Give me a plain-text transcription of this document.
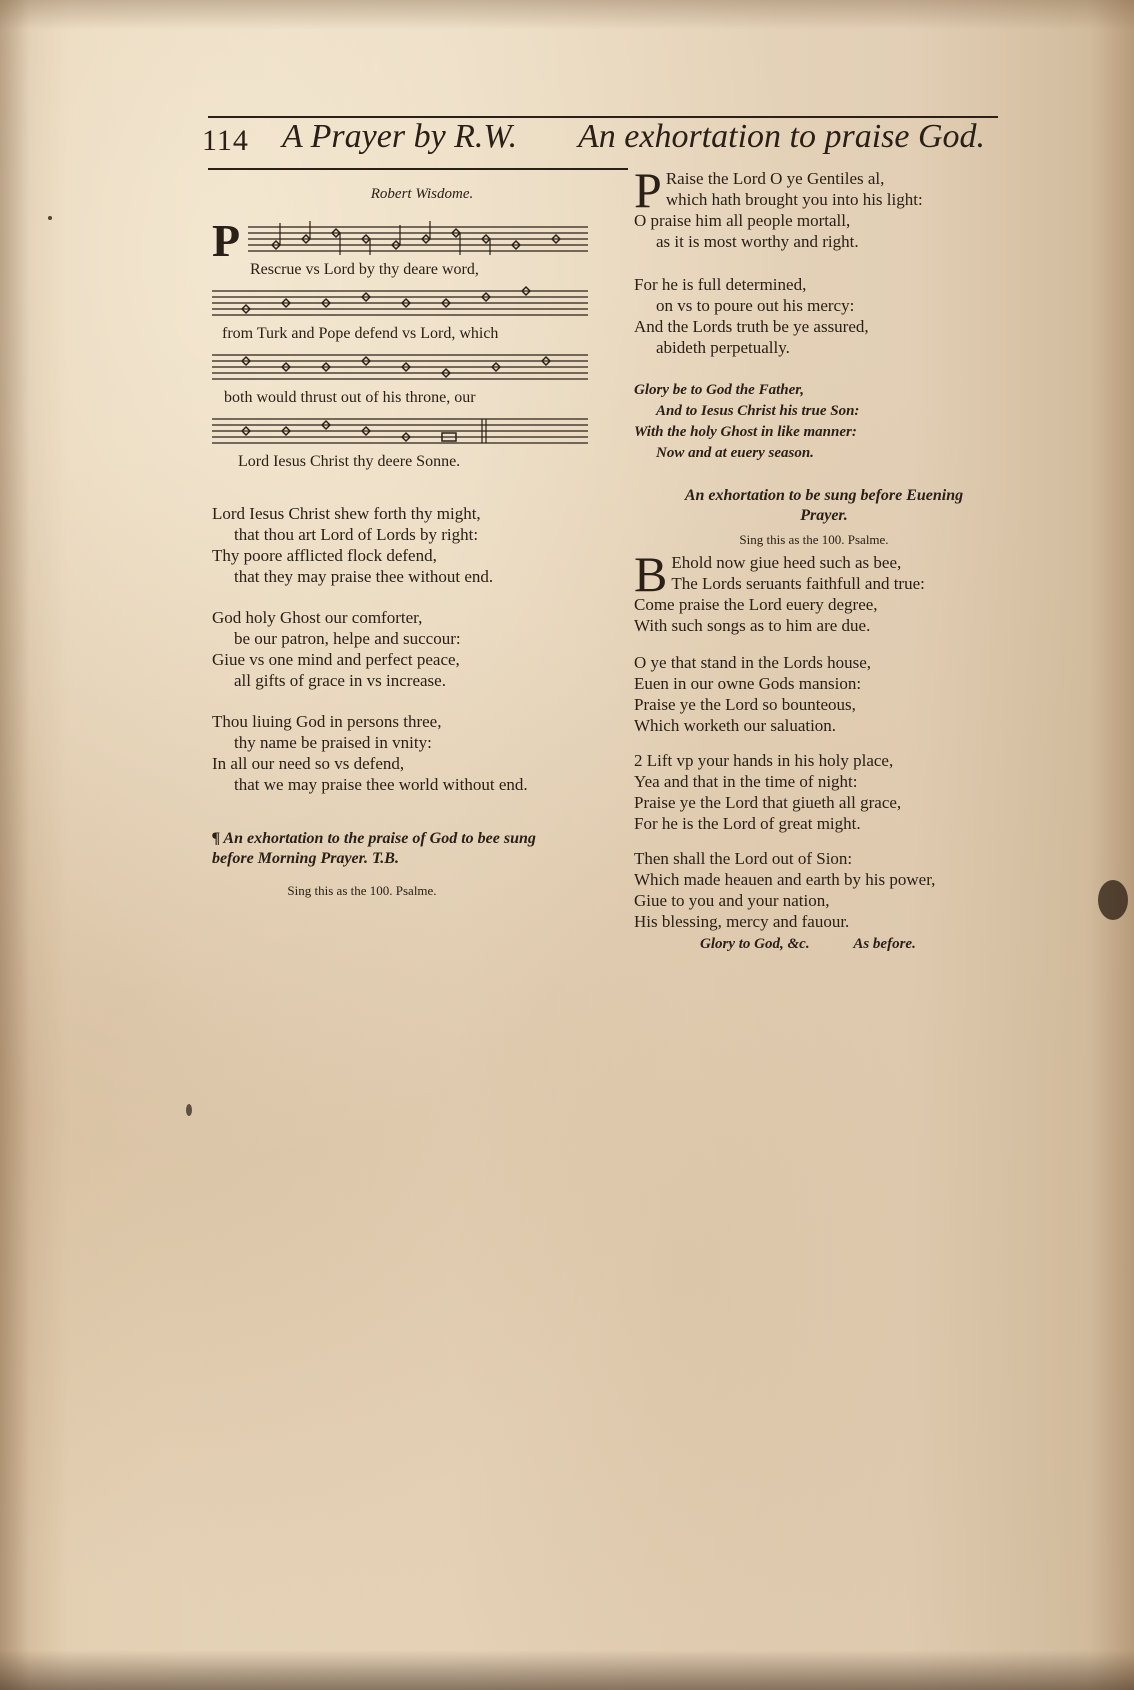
114 A Prayer by R.W. An exhortation to praise God.
Robert Wisdome.
P
Rescrue vs Lord by thy deare word,
from Turk and Pope defend vs Lord, which
both would thrust out of his throne, our
Lord Iesus Christ thy deere Sonne.
Lord Iesus Christ shew forth thy might,
that thou art Lord of Lords by right:
Thy poore afflicted flock defend,
that they may praise thee without end.
God holy Ghost our comforter,
be our patron, helpe and succour:
Giue vs one mind and perfect peace,
all gifts of grace in vs increase.
Thou liuing God in persons three,
thy name be praised in vnity:
In all our need so vs defend,
that we may praise thee world without end.
¶ An exhortation to the praise of God to bee sung before Morning Prayer. T.B.
Sing this as the 100. Psalme.
P Raise the Lord O ye Gentiles al,
which hath brought you into his light:
O praise him all people mortall,
as it is most worthy and right.
For he is full determined,
on vs to poure out his mercy:
And the Lords truth be ye assured,
abideth perpetually.
Glory be to God the Father,
And to Iesus Christ his true Son:
With the holy Ghost in like manner:
Now and at euery season.
An exhortation to be sung before Euening Prayer.
Sing this as the 100. Psalme.
B Ehold now giue heed such as bee,
The Lords seruants faithfull and true:
Come praise the Lord euery degree,
With such songs as to him are due.
O ye that stand in the Lords house,
Euen in our owne Gods mansion:
Praise ye the Lord so bounteous,
Which worketh our saluation.
2 Lift vp your hands in his holy place,
Yea and that in the time of night:
Praise ye the Lord that giueth all grace,
For he is the Lord of great might.
Then shall the Lord out of Sion:
Which made heauen and earth by his power,
Giue to you and your nation,
His blessing, mercy and fauour.
Glory to God, &c.	As before.
